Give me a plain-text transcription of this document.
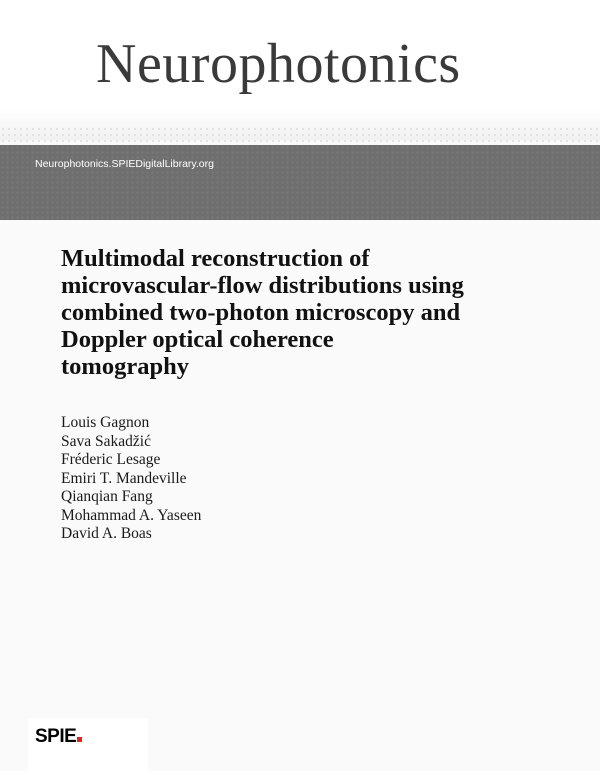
Neurophotonics
Neurophotonics.SPIEDigitalLibrary.org
Multimodal reconstruction of
microvascular-flow distributions using
combined two-photon microscopy and
Doppler optical coherence
tomography
Louis Gagnon
Sava Sakadžić
Fréderic Lesage
Emiri T. Mandeville
Qianqian Fang
Mohammad A. Yaseen
David A. Boas
SPIE
